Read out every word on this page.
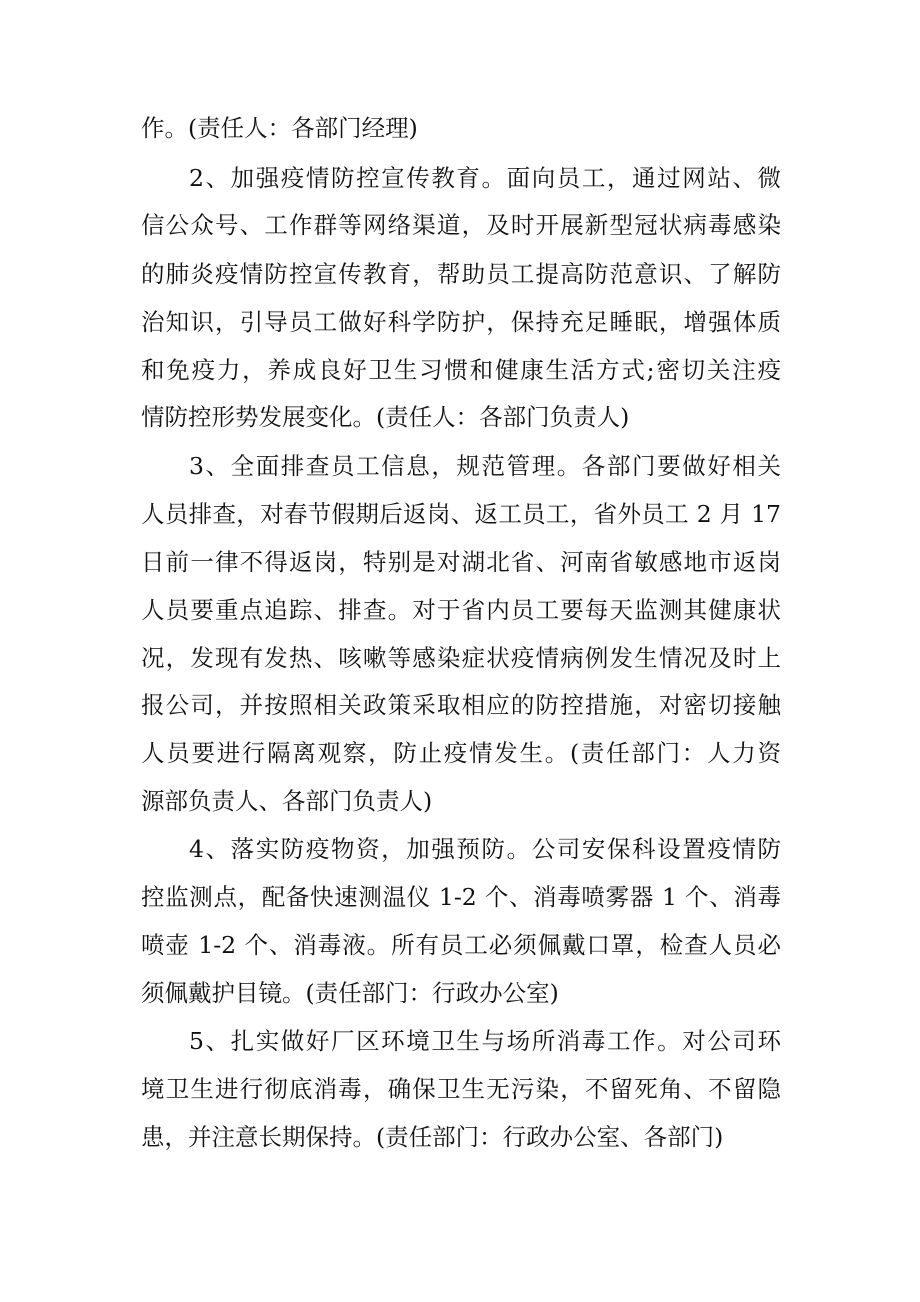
作。(责任人：各部门经理)
2、加强疫情防控宣传教育。面向员工，通过网站、微
信公众号、工作群等网络渠道，及时开展新型冠状病毒感染
的肺炎疫情防控宣传教育，帮助员工提高防范意识、了解防
治知识，引导员工做好科学防护，保持充足睡眠，增强体质
和免疫力，养成良好卫生习惯和健康生活方式;密切关注疫
情防控形势发展变化。(责任人：各部门负责人)
3、全面排查员工信息，规范管理。各部门要做好相关
人员排查，对春节假期后返岗、返工员工，省外员工 2 月 17
日前一律不得返岗，特别是对湖北省、河南省敏感地市返岗
人员要重点追踪、排查。对于省内员工要每天监测其健康状
况，发现有发热、咳嗽等感染症状疫情病例发生情况及时上
报公司，并按照相关政策采取相应的防控措施，对密切接触
人员要进行隔离观察，防止疫情发生。(责任部门：人力资
源部负责人、各部门负责人)
4、落实防疫物资，加强预防。公司安保科设置疫情防
控监测点，配备快速测温仪 1-2 个、消毒喷雾器 1 个、消毒
喷壶 1-2 个、消毒液。所有员工必须佩戴口罩，检查人员必
须佩戴护目镜。(责任部门：行政办公室)
5、扎实做好厂区环境卫生与场所消毒工作。对公司环
境卫生进行彻底消毒，确保卫生无污染，不留死角、不留隐
患，并注意长期保持。(责任部门：行政办公室、各部门)
